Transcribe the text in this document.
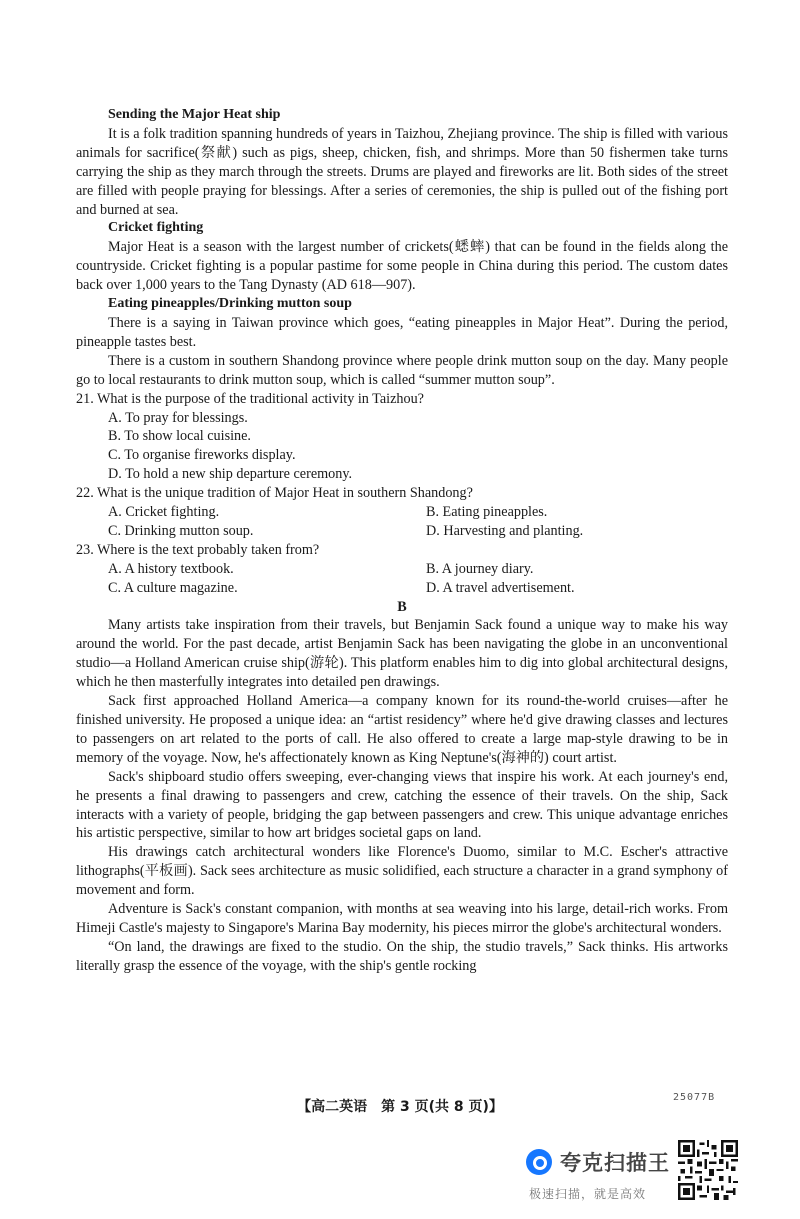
Sending the Major Heat ship

It is a folk tradition spanning hundreds of years in Taizhou, Zhejiang province. The ship is filled with various animals for sacrifice(祭献) such as pigs, sheep, chicken, fish, and shrimps. More than 50 fishermen take turns carrying the ship as they march through the streets. Drums are played and fireworks are lit. Both sides of the street are filled with people praying for blessings. After a series of ceremonies, the ship is pulled out of the fishing port and burned at sea.

Cricket fighting

Major Heat is a season with the largest number of crickets(蟋蟀) that can be found in the fields along the countryside. Cricket fighting is a popular pastime for some people in China during this period. The custom dates back over 1,000 years to the Tang Dynasty (AD 618—907).

Eating pineapples/Drinking mutton soup

There is a saying in Taiwan province which goes, “eating pineapples in Major Heat”. During the period, pineapple tastes best.

There is a custom in southern Shandong province where people drink mutton soup on the day. Many people go to local restaurants to drink mutton soup, which is called “summer mutton soup”.

21. What is the purpose of the traditional activity in Taizhou?

A. To pray for blessings.

B. To show local cuisine.

C. To organise fireworks display.

D. To hold a new ship departure ceremony.

22. What is the unique tradition of Major Heat in southern Shandong?

A. Cricket fighting.	B. Eating pineapples.

C. Drinking mutton soup.	D. Harvesting and planting.

23. Where is the text probably taken from?

A. A history textbook.	B. A journey diary.

C. A culture magazine.	D. A travel advertisement.

B

Many artists take inspiration from their travels, but Benjamin Sack found a unique way to make his way around the world. For the past decade, artist Benjamin Sack has been navigating the globe in an unconventional studio—a Holland American cruise ship(游轮). This platform enables him to dig into global architectural designs, which he then masterfully integrates into detailed pen drawings.

Sack first approached Holland America—a company known for its round-the-world cruises—after he finished university. He proposed a unique idea: an “artist residency” where he'd give drawing classes and lectures to passengers on art related to the ports of call. He also offered to create a large map-style drawing to be in memory of the voyage. Now, he's affectionately known as King Neptune's(海神的) court artist.

Sack's shipboard studio offers sweeping, ever-changing views that inspire his work. At each journey's end, he presents a final drawing to passengers and crew, catching the essence of their travels. On the ship, Sack interacts with a variety of people, bridging the gap between passengers and crew. This unique advantage enriches his artistic perspective, similar to how art bridges societal gaps on land.

His drawings catch architectural wonders like Florence's Duomo, similar to M.C. Escher's attractive lithographs(平板画). Sack sees architecture as music solidified, each structure a character in a grand symphony of movement and form.

Adventure is Sack's constant companion, with months at sea weaving into his large, detail-rich works. From Himeji Castle's majesty to Singapore's Marina Bay modernity, his pieces mirror the globe's architectural wonders.

“On land, the drawings are fixed to the studio. On the ship, the studio travels,” Sack thinks. His artworks literally grasp the essence of the voyage, with the ship's gentle rocking

【高二英语　第 3 页(共 8 页)】
25077B
夸克扫描王
极速扫描，就是高效
